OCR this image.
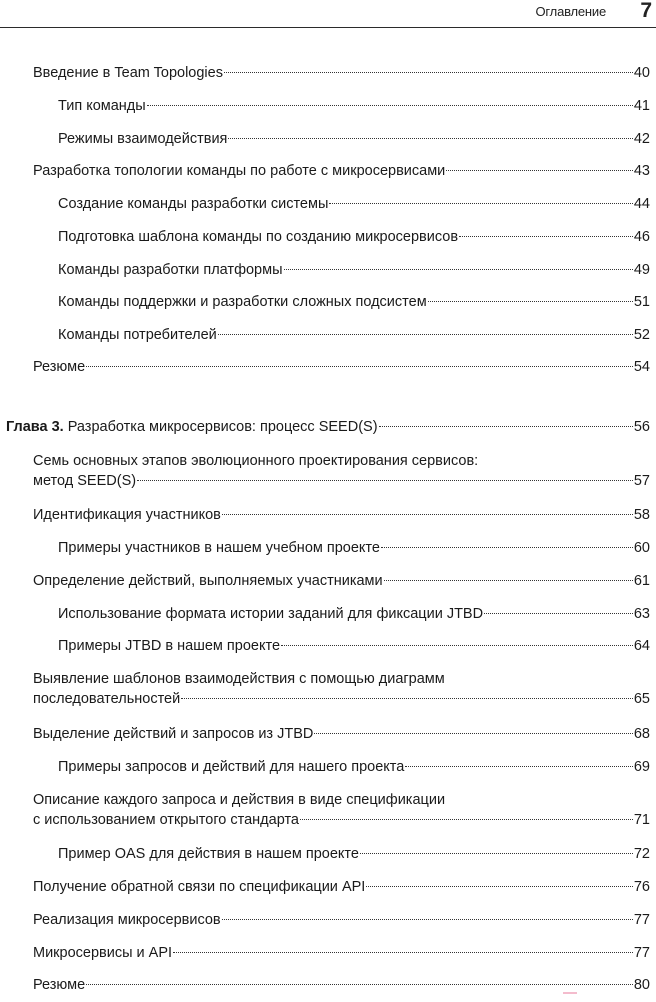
Оглавление 7
Введение в Team Topologies	40
Тип команды	41
Режимы взаимодействия	42
Разработка топологии команды по работе с микросервисами	43
Создание команды разработки системы	44
Подготовка шаблона команды по созданию микросервисов	46
Команды разработки платформы	49
Команды поддержки и разработки сложных подсистем	51
Команды потребителей	52
Резюме	54
Глава 3. Разработка микросервисов: процесс SEED(S)	56
Семь основных этапов эволюционного проектирования сервисов:
метод SEED(S)	57
Идентификация участников	58
Примеры участников в нашем учебном проекте	60
Определение действий, выполняемых участниками	61
Использование формата истории заданий для фиксации JTBD	63
Примеры JTBD в нашем проекте	64
Выявление шаблонов взаимодействия с помощью диаграмм
последовательностей	65
Выделение действий и запросов из JTBD	68
Примеры запросов и действий для нашего проекта	69
Описание каждого запроса и действия в виде спецификации
с использованием открытого стандарта	71
Пример OAS для действия в нашем проекте	72
Получение обратной связи по спецификации API	76
Реализация микросервисов	77
Микросервисы и API	77
Резюме	80
